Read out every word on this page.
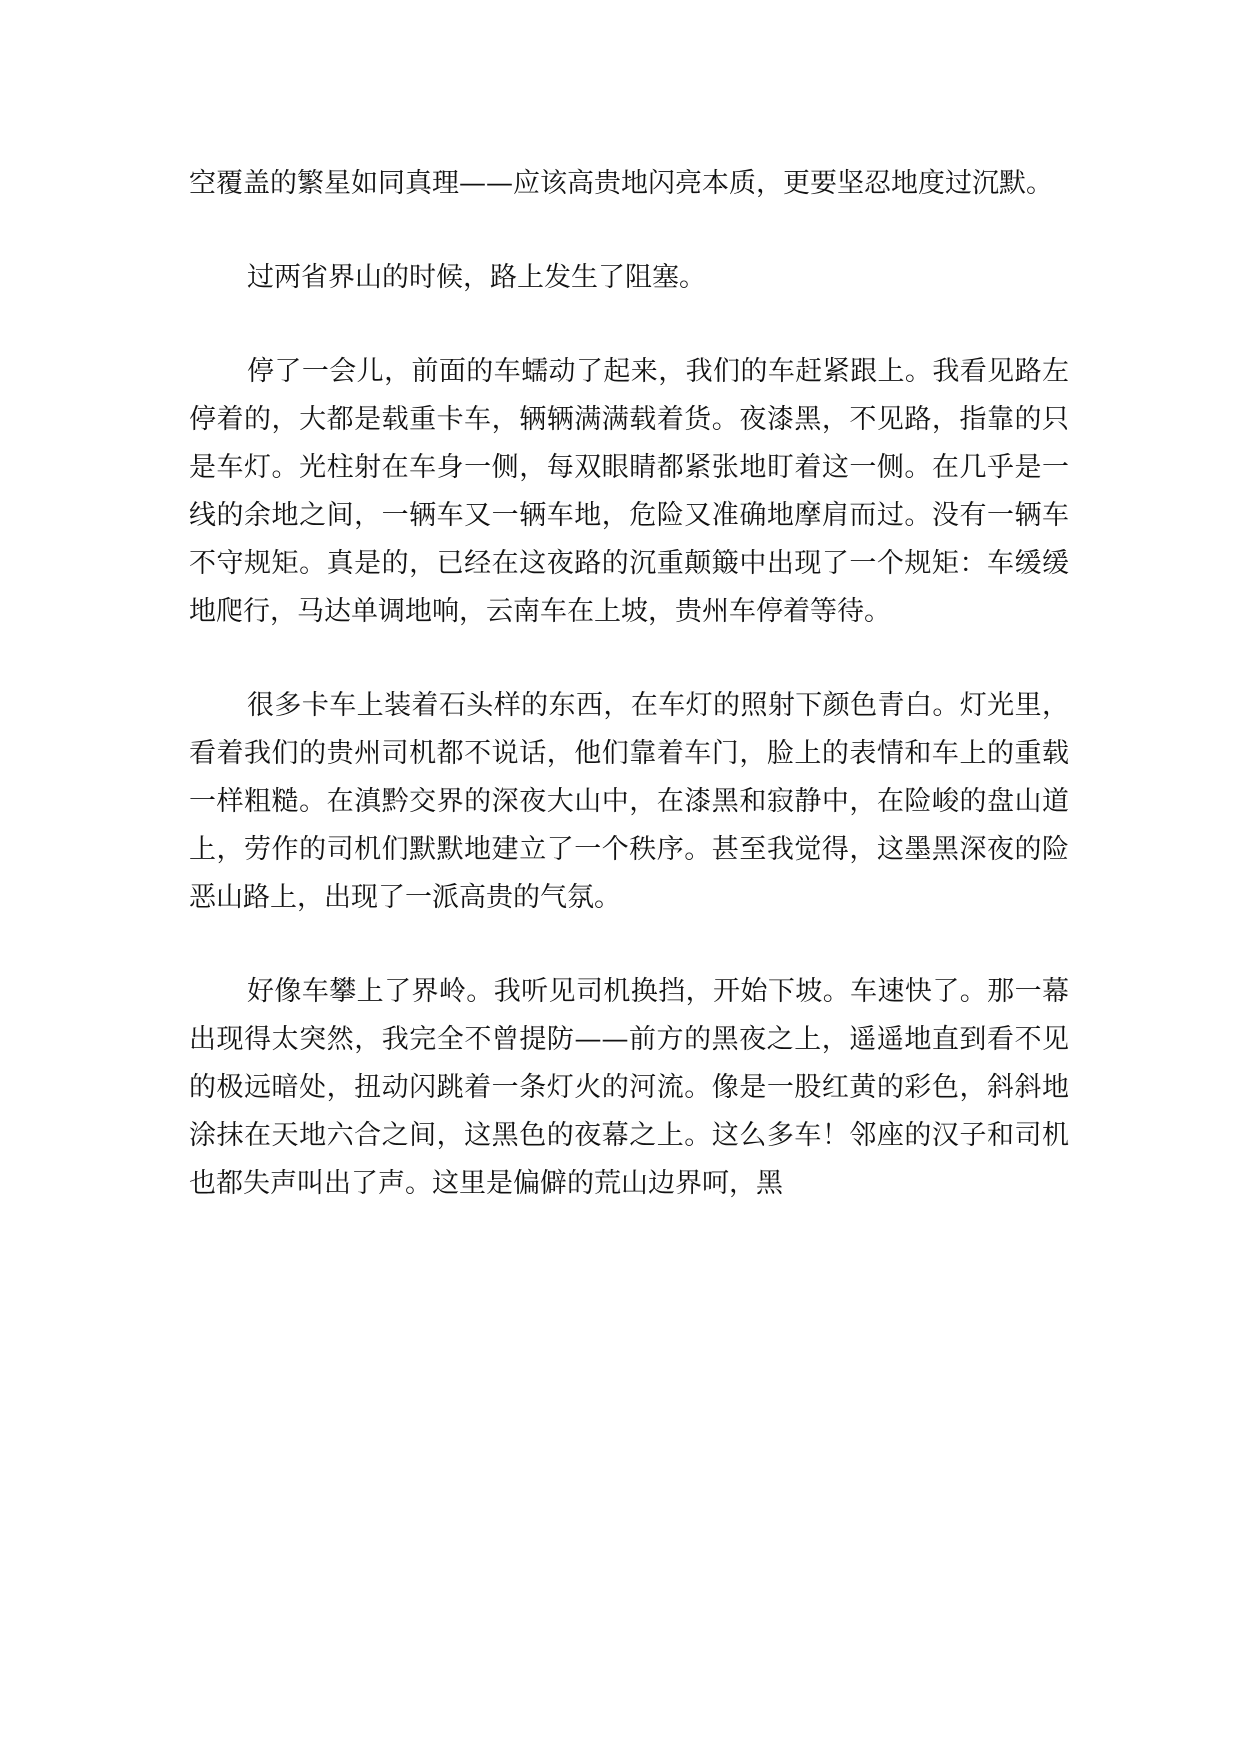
空覆盖的繁星如同真理——应该高贵地闪亮本质，更要坚忍地度过沉默。

过两省界山的时候，路上发生了阻塞。

停了一会儿，前面的车蠕动了起来，我们的车赶紧跟上。我看见路左停着的，大都是载重卡车，辆辆满满载着货。夜漆黑，不见路，指靠的只是车灯。光柱射在车身一侧，每双眼睛都紧张地盯着这一侧。在几乎是一线的余地之间，一辆车又一辆车地，危险又准确地摩肩而过。没有一辆车不守规矩。真是的，已经在这夜路的沉重颠簸中出现了一个规矩：车缓缓地爬行，马达单调地响，云南车在上坡，贵州车停着等待。

很多卡车上装着石头样的东西，在车灯的照射下颜色青白。灯光里，看着我们的贵州司机都不说话，他们靠着车门，脸上的表情和车上的重载一样粗糙。在滇黔交界的深夜大山中，在漆黑和寂静中，在险峻的盘山道上，劳作的司机们默默地建立了一个秩序。甚至我觉得，这墨黑深夜的险恶山路上，出现了一派高贵的气氛。

好像车攀上了界岭。我听见司机换挡，开始下坡。车速快了。那一幕出现得太突然，我完全不曾提防——前方的黑夜之上，遥遥地直到看不见的极远暗处，扭动闪跳着一条灯火的河流。像是一股红黄的彩色，斜斜地涂抹在天地六合之间，这黑色的夜幕之上。这么多车！邻座的汉子和司机也都失声叫出了声。这里是偏僻的荒山边界呵，黑
